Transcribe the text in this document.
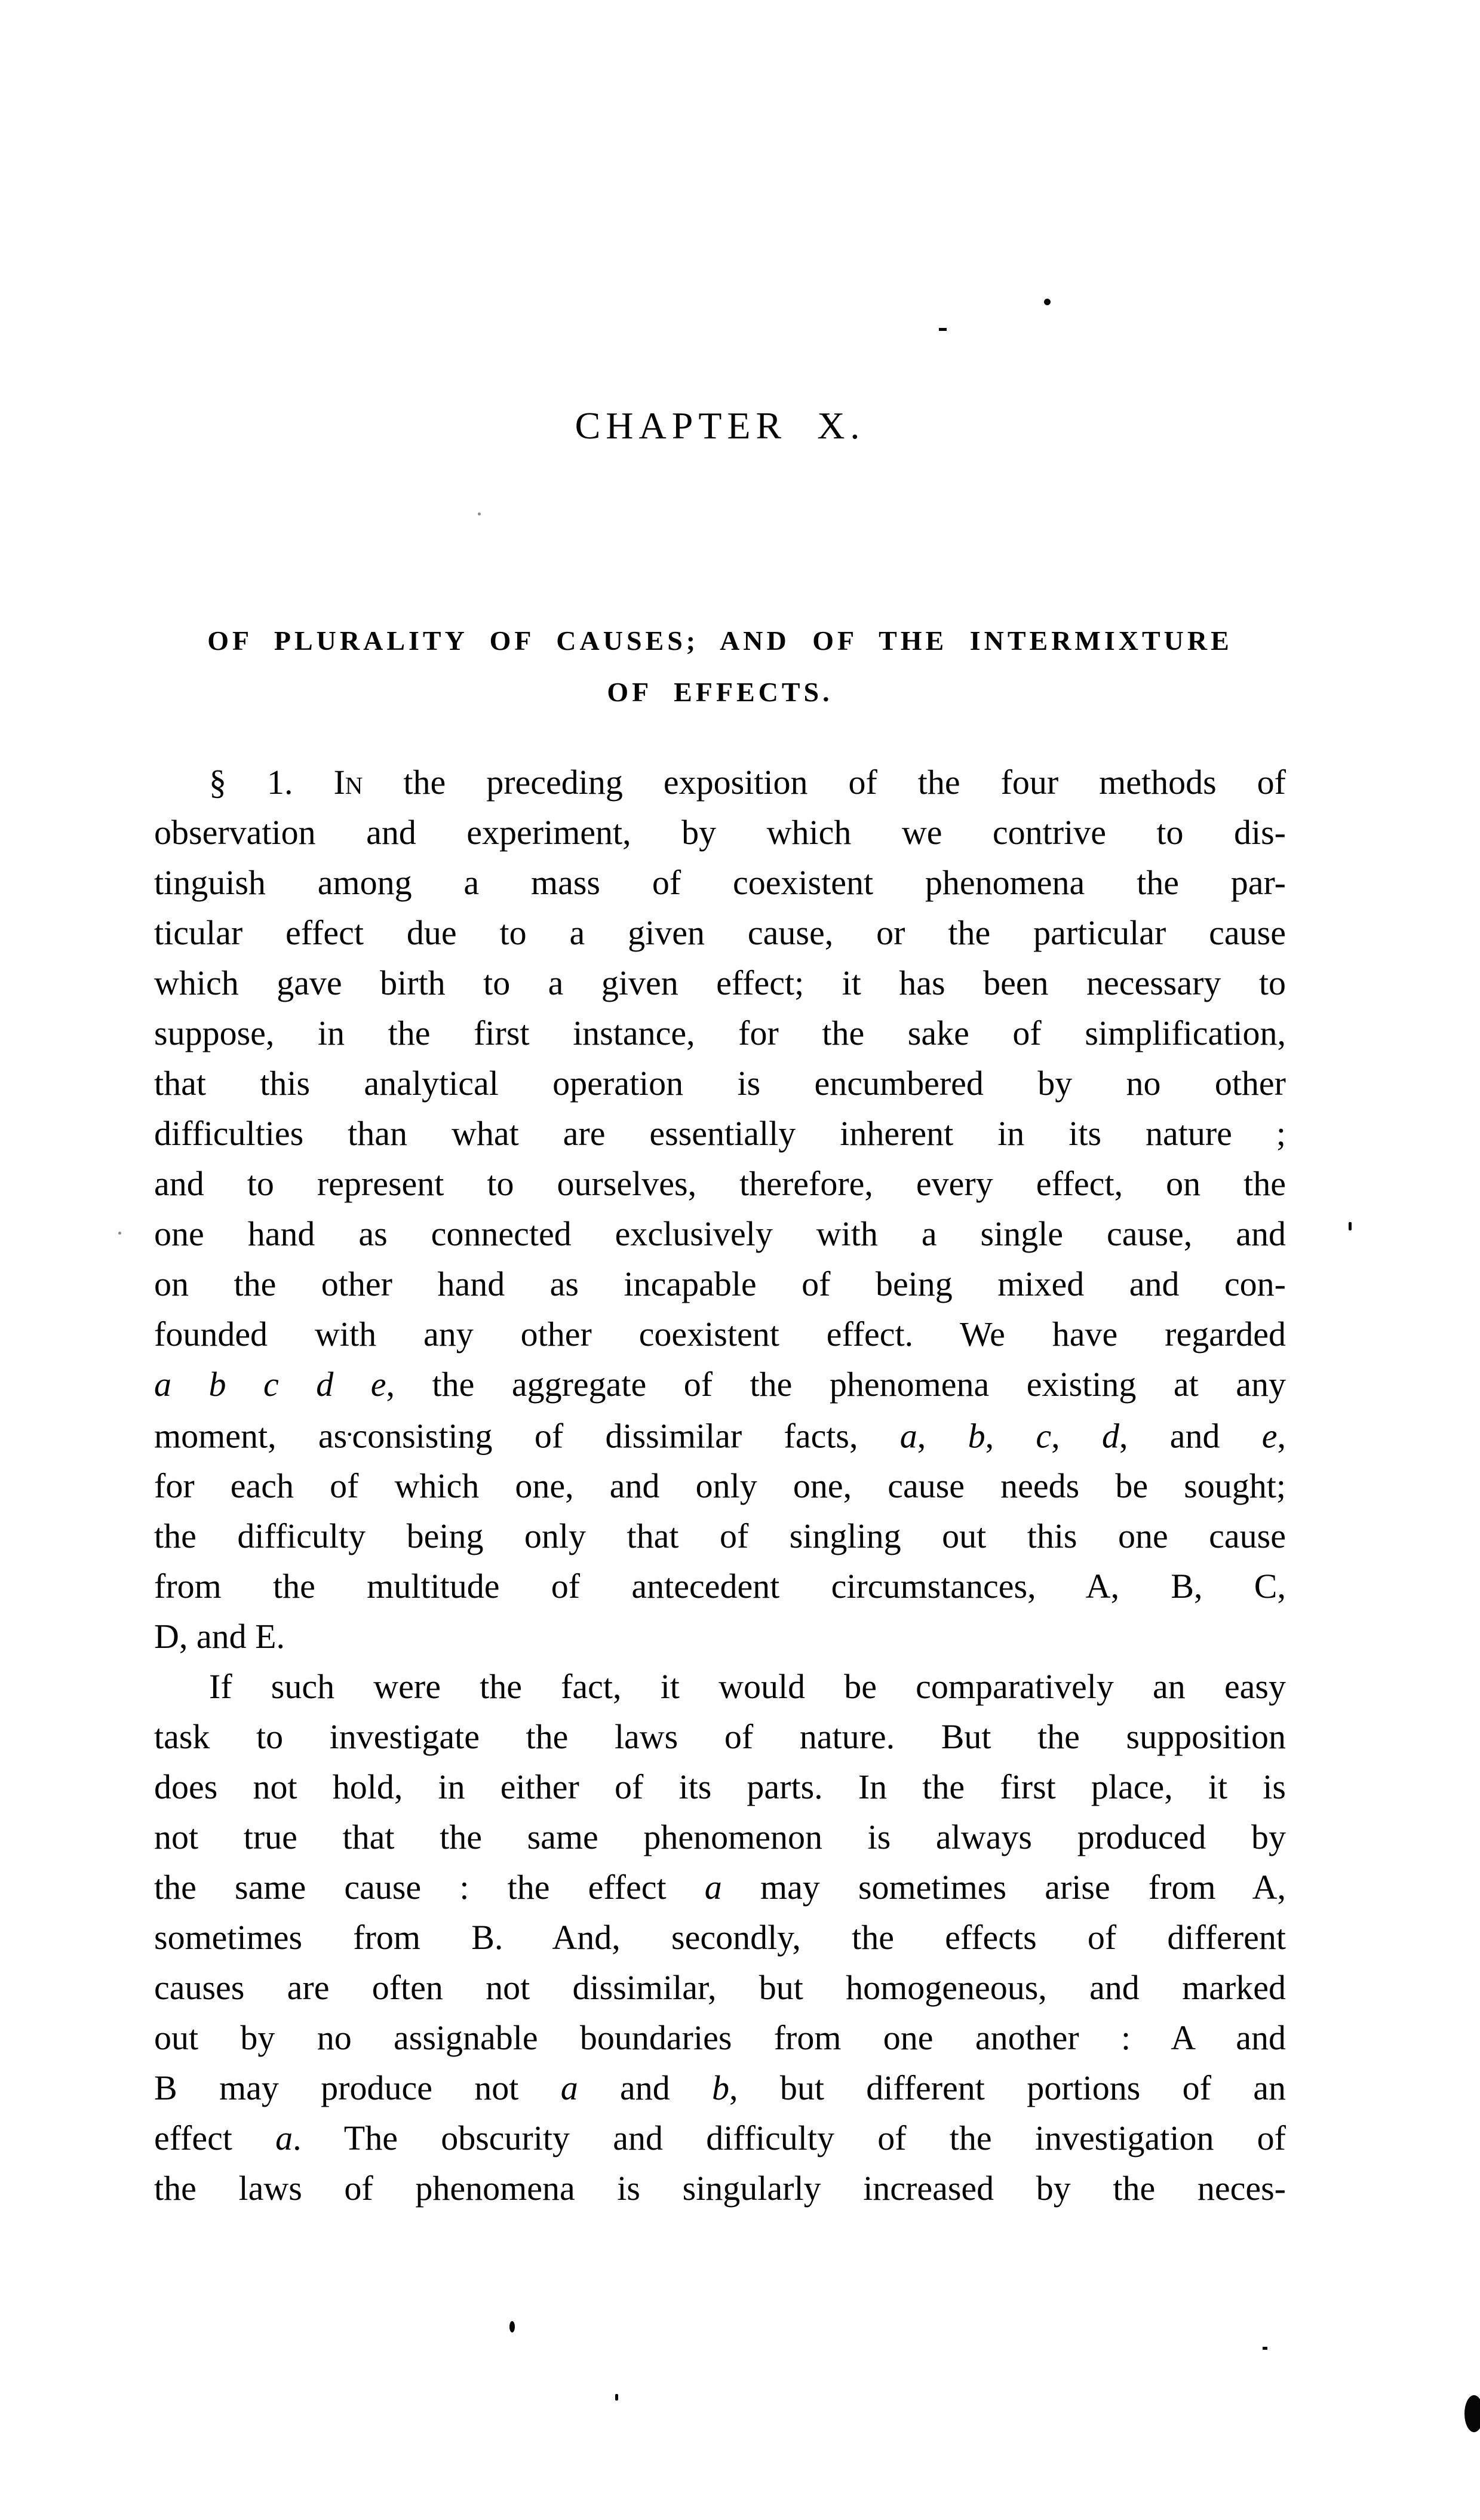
CHAPTER X.
OF PLURALITY OF CAUSES; AND OF THE INTERMIXTURE
OF EFFECTS.
§ 1. In the preceding exposition of the four methods of
observation and experiment, by which we contrive to dis-
tinguish among a mass of coexistent phenomena the par-
ticular effect due to a given cause, or the particular cause
which gave birth to a given effect; it has been necessary to
suppose, in the first instance, for the sake of simplification,
that this analytical operation is encumbered by no other
difficulties than what are essentially inherent in its nature ;
and to represent to ourselves, therefore, every effect, on the
one hand as connected exclusively with a single cause, and
on the other hand as incapable of being mixed and con-
founded with any other coexistent effect. We have regarded
a b c d e, the aggregate of the phenomena existing at any
moment, as•consisting of dissimilar facts, a, b, c, d, and e,
for each of which one, and only one, cause needs be sought;
the difficulty being only that of singling out this one cause
from the multitude of antecedent circumstances, A, B, C,
D, and E.
If such were the fact, it would be comparatively an easy
task to investigate the laws of nature. But the supposition
does not hold, in either of its parts. In the first place, it is
not true that the same phenomenon is always produced by
the same cause : the effect a may sometimes arise from A,
sometimes from B. And, secondly, the effects of different
causes are often not dissimilar, but homogeneous, and marked
out by no assignable boundaries from one another : A and
B may produce not a and b, but different portions of an
effect a. The obscurity and difficulty of the investigation of
the laws of phenomena is singularly increased by the neces-
